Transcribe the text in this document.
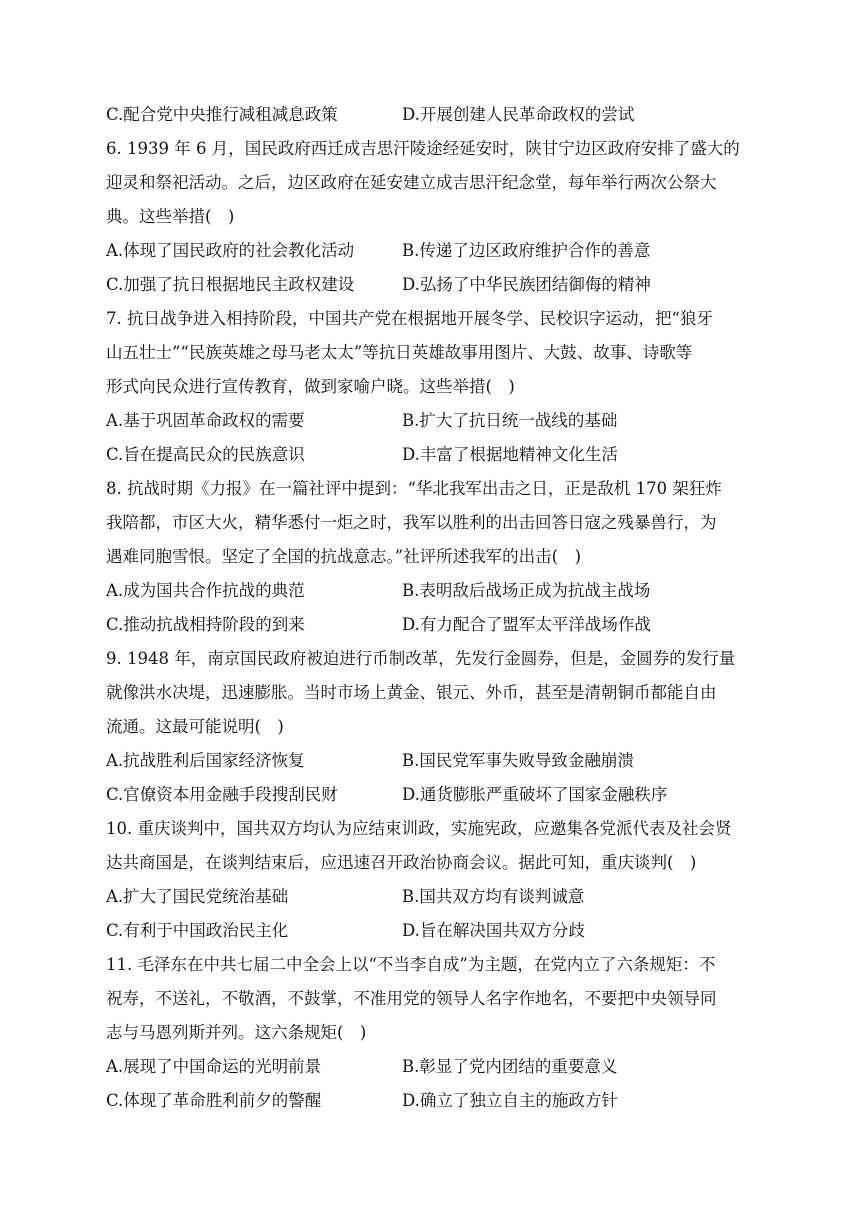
C.配合党中央推行减租减息政策	D.开展创建人民革命政权的尝试
6. 1939 年 6 月，国民政府西迁成吉思汗陵途经延安时，陕甘宁边区政府安排了盛大的
迎灵和祭祀活动。之后，边区政府在延安建立成吉思汗纪念堂，每年举行两次公祭大
典。这些举措( )
A.体现了国民政府的社会教化活动	B.传递了边区政府维护合作的善意
C.加强了抗日根据地民主政权建设	D.弘扬了中华民族团结御侮的精神
7. 抗日战争进入相持阶段，中国共产党在根据地开展冬学、民校识字运动，把“狼牙
山五壮士”“民族英雄之母马老太太”等抗日英雄故事用图片、大鼓、故事、诗歌等
形式向民众进行宣传教育，做到家喻户晓。这些举措( )
A.基于巩固革命政权的需要	B.扩大了抗日统一战线的基础
C.旨在提高民众的民族意识	D.丰富了根据地精神文化生活
8. 抗战时期《力报》在一篇社评中提到：“华北我军出击之日，正是敌机 170 架狂炸
我陪都，市区大火，精华悉付一炬之时，我军以胜利的出击回答日寇之残暴兽行，为
遇难同胞雪恨。坚定了全国的抗战意志。”社评所述我军的出击( )
A.成为国共合作抗战的典范	B.表明敌后战场正成为抗战主战场
C.推动抗战相持阶段的到来	D.有力配合了盟军太平洋战场作战
9. 1948 年，南京国民政府被迫进行币制改革，先发行金圆券，但是，金圆券的发行量
就像洪水决堤，迅速膨胀。当时市场上黄金、银元、外币，甚至是清朝铜币都能自由
流通。这最可能说明( )
A.抗战胜利后国家经济恢复	B.国民党军事失败导致金融崩溃
C.官僚资本用金融手段搜刮民财	D.通货膨胀严重破坏了国家金融秩序
10. 重庆谈判中，国共双方均认为应结束训政，实施宪政，应邀集各党派代表及社会贤
达共商国是，在谈判结束后，应迅速召开政治协商会议。据此可知，重庆谈判( )
A.扩大了国民党统治基础	B.国共双方均有谈判诚意
C.有利于中国政治民主化	D.旨在解决国共双方分歧
11. 毛泽东在中共七届二中全会上以“不当李自成”为主题，在党内立了六条规矩：不
祝寿，不送礼，不敬酒，不鼓掌，不准用党的领导人名字作地名，不要把中央领导同
志与马恩列斯并列。这六条规矩( )
A.展现了中国命运的光明前景	B.彰显了党内团结的重要意义
C.体现了革命胜利前夕的警醒	D.确立了独立自主的施政方针
